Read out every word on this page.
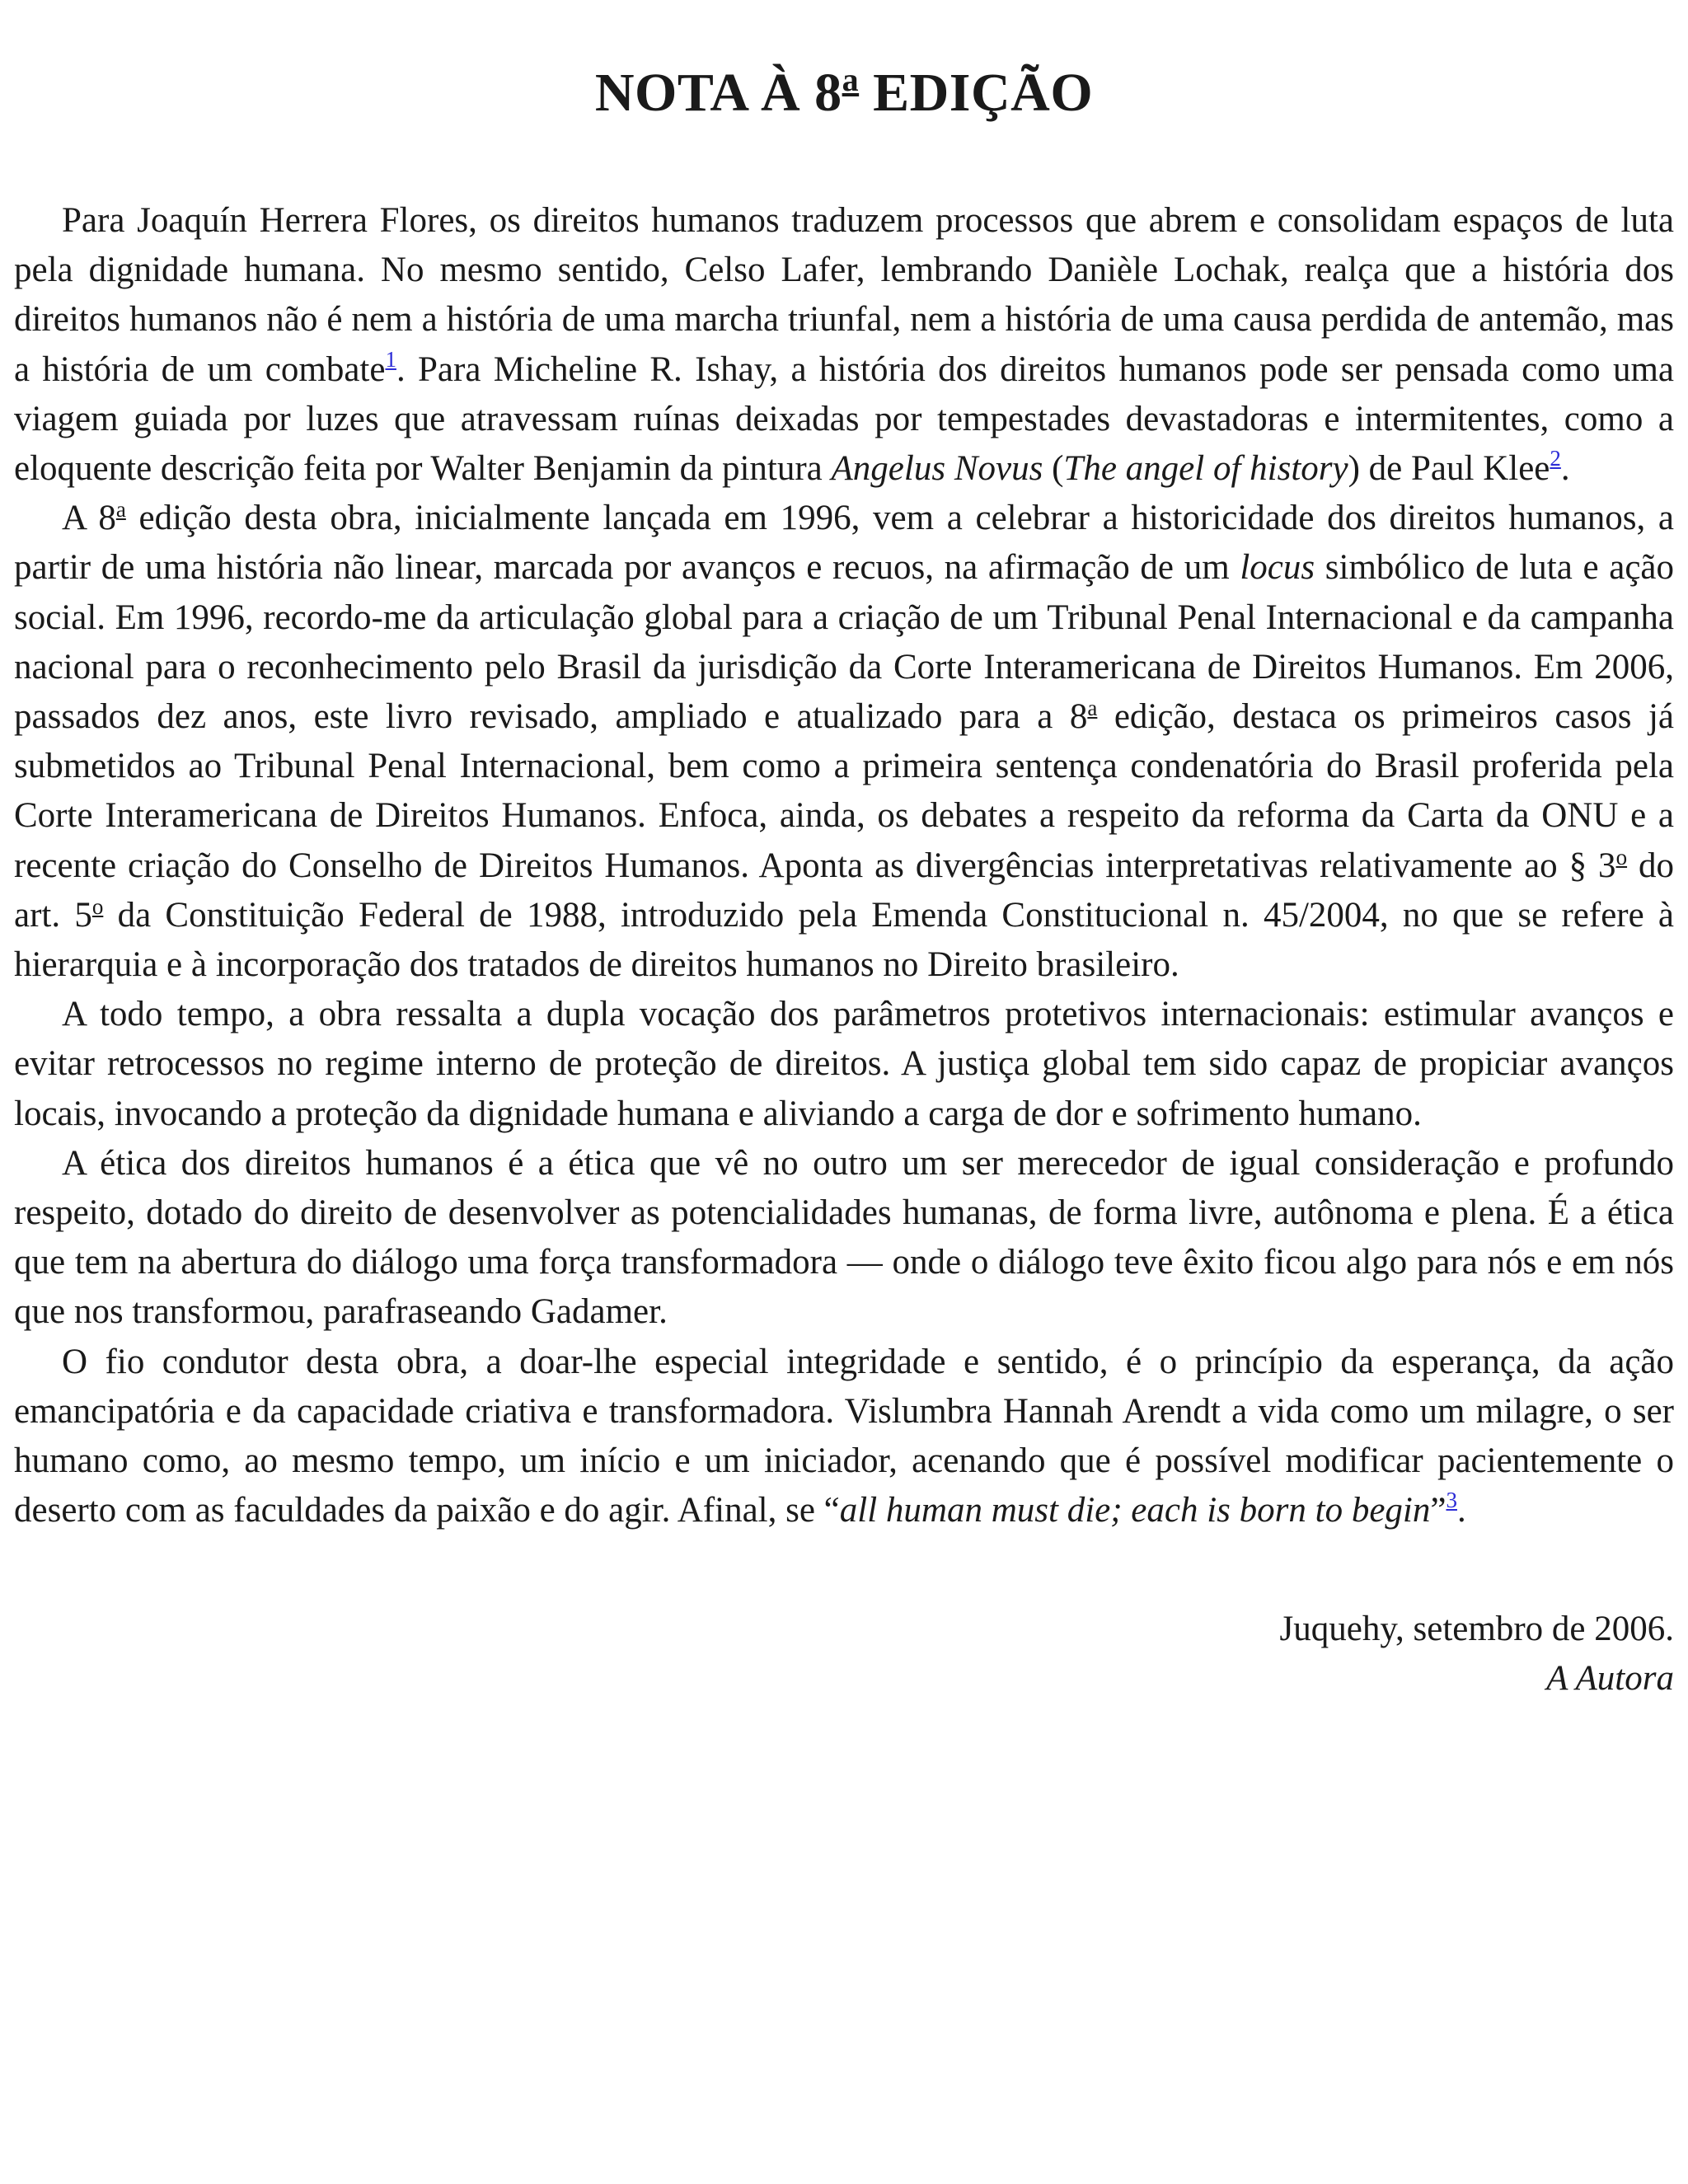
NOTA À 8$^a$ EDIÇÃO

Para Joaquín Herrera Flores, os direitos humanos traduzem processos que abrem e consolidam espaços de luta pela dignidade humana. No mesmo sentido, Celso Lafer, lembrando Danièle Lochak, realça que a história dos direitos humanos não é nem a história de uma marcha triunfal, nem a história de uma causa perdida de antemão, mas a história de um combate$^1$. Para Micheline R. Ishay, a história dos direitos humanos pode ser pensada como uma viagem guiada por luzes que atravessam ruínas deixadas por tempestades devastadoras e intermitentes, como a eloquente descrição feita por Walter Benjamin da pintura Angelus Novus (The angel of history) de Paul Klee$^2$.

A 8$^a$ edição desta obra, inicialmente lançada em 1996, vem a celebrar a historicidade dos direitos humanos, a partir de uma história não linear, marcada por avanços e recuos, na afirmação de um locus simbólico de luta e ação social. Em 1996, recordo-me da articulação global para a criação de um Tribunal Penal Internacional e da campanha nacional para o reconhecimento pelo Brasil da jurisdição da Corte Interamericana de Direitos Humanos. Em 2006, passados dez anos, este livro revisado, ampliado e atualizado para a 8$^a$ edição, destaca os primeiros casos já submetidos ao Tribunal Penal Internacional, bem como a primeira sentença condenatória do Brasil proferida pela Corte Interamericana de Direitos Humanos. Enfoca, ainda, os debates a respeito da reforma da Carta da ONU e a recente criação do Conselho de Direitos Humanos. Aponta as divergências interpretativas relativamente ao § 3$^o$ do art. 5$^o$ da Constituição Federal de 1988, introduzido pela Emenda Constitucional n. 45/2004, no que se refere à hierarquia e à incorporação dos tratados de direitos humanos no Direito brasileiro.

A todo tempo, a obra ressalta a dupla vocação dos parâmetros protetivos internacionais: estimular avanços e evitar retrocessos no regime interno de proteção de direitos. A justiça global tem sido capaz de propiciar avanços locais, invocando a proteção da dignidade humana e aliviando a carga de dor e sofrimento humano.

A ética dos direitos humanos é a ética que vê no outro um ser merecedor de igual consideração e profundo respeito, dotado do direito de desenvolver as potencialidades humanas, de forma livre, autônoma e plena. É a ética que tem na abertura do diálogo uma força transformadora — onde o diálogo teve êxito ficou algo para nós e em nós que nos transformou, parafraseando Gadamer.

O fio condutor desta obra, a doar-lhe especial integridade e sentido, é o princípio da esperança, da ação emancipatória e da capacidade criativa e transformadora. Vislumbra Hannah Arendt a vida como um milagre, o ser humano como, ao mesmo tempo, um início e um iniciador, acenando que é possível modificar pacientemente o deserto com as faculdades da paixão e do agir. Afinal, se “all human must die; each is born to begin”$^3$.

Juquehy, setembro de 2006.
A Autora
